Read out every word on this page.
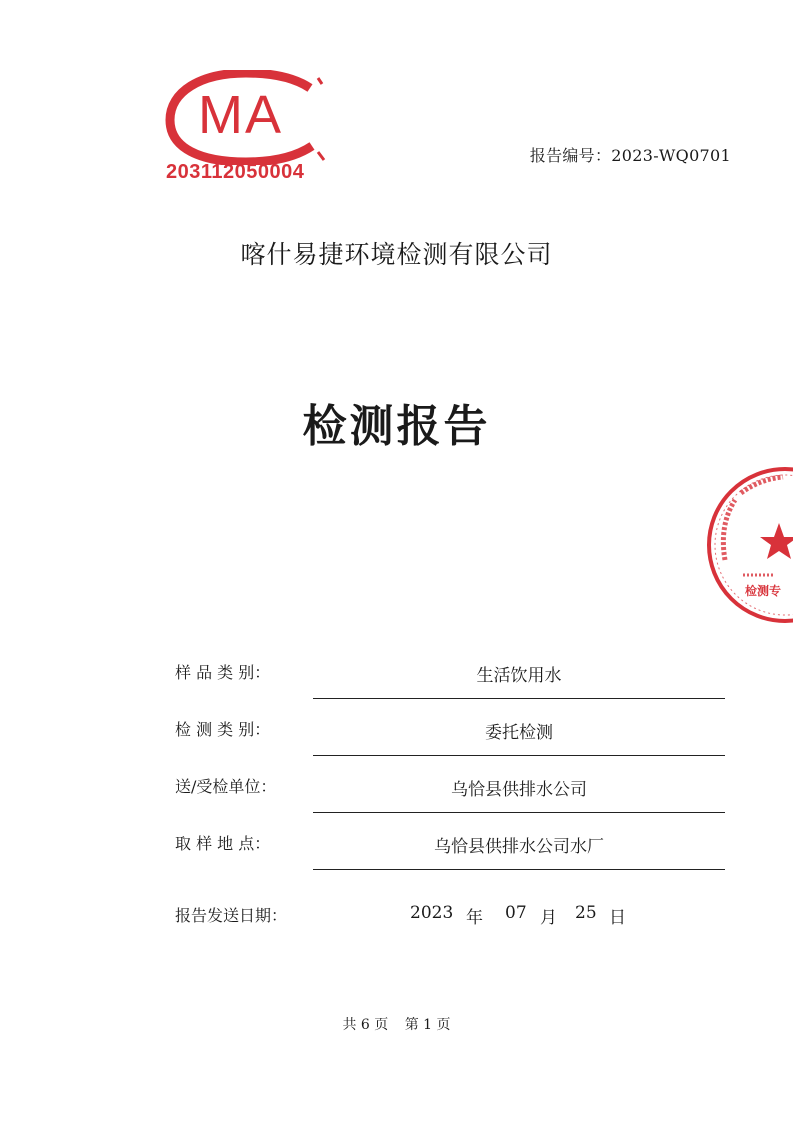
MA
203112050004
报告编号：2023-WQ0701
喀什易捷环境检测有限公司
检测报告
检测专
样 品 类 别：	生活饮用水
检 测 类 别：	委托检测
送/受检单位：	乌恰县供排水公司
取 样 地 点：	乌恰县供排水公司水厂
报告发送日期：	2023 年 07 月 25 日
共 6 页 第 1 页
